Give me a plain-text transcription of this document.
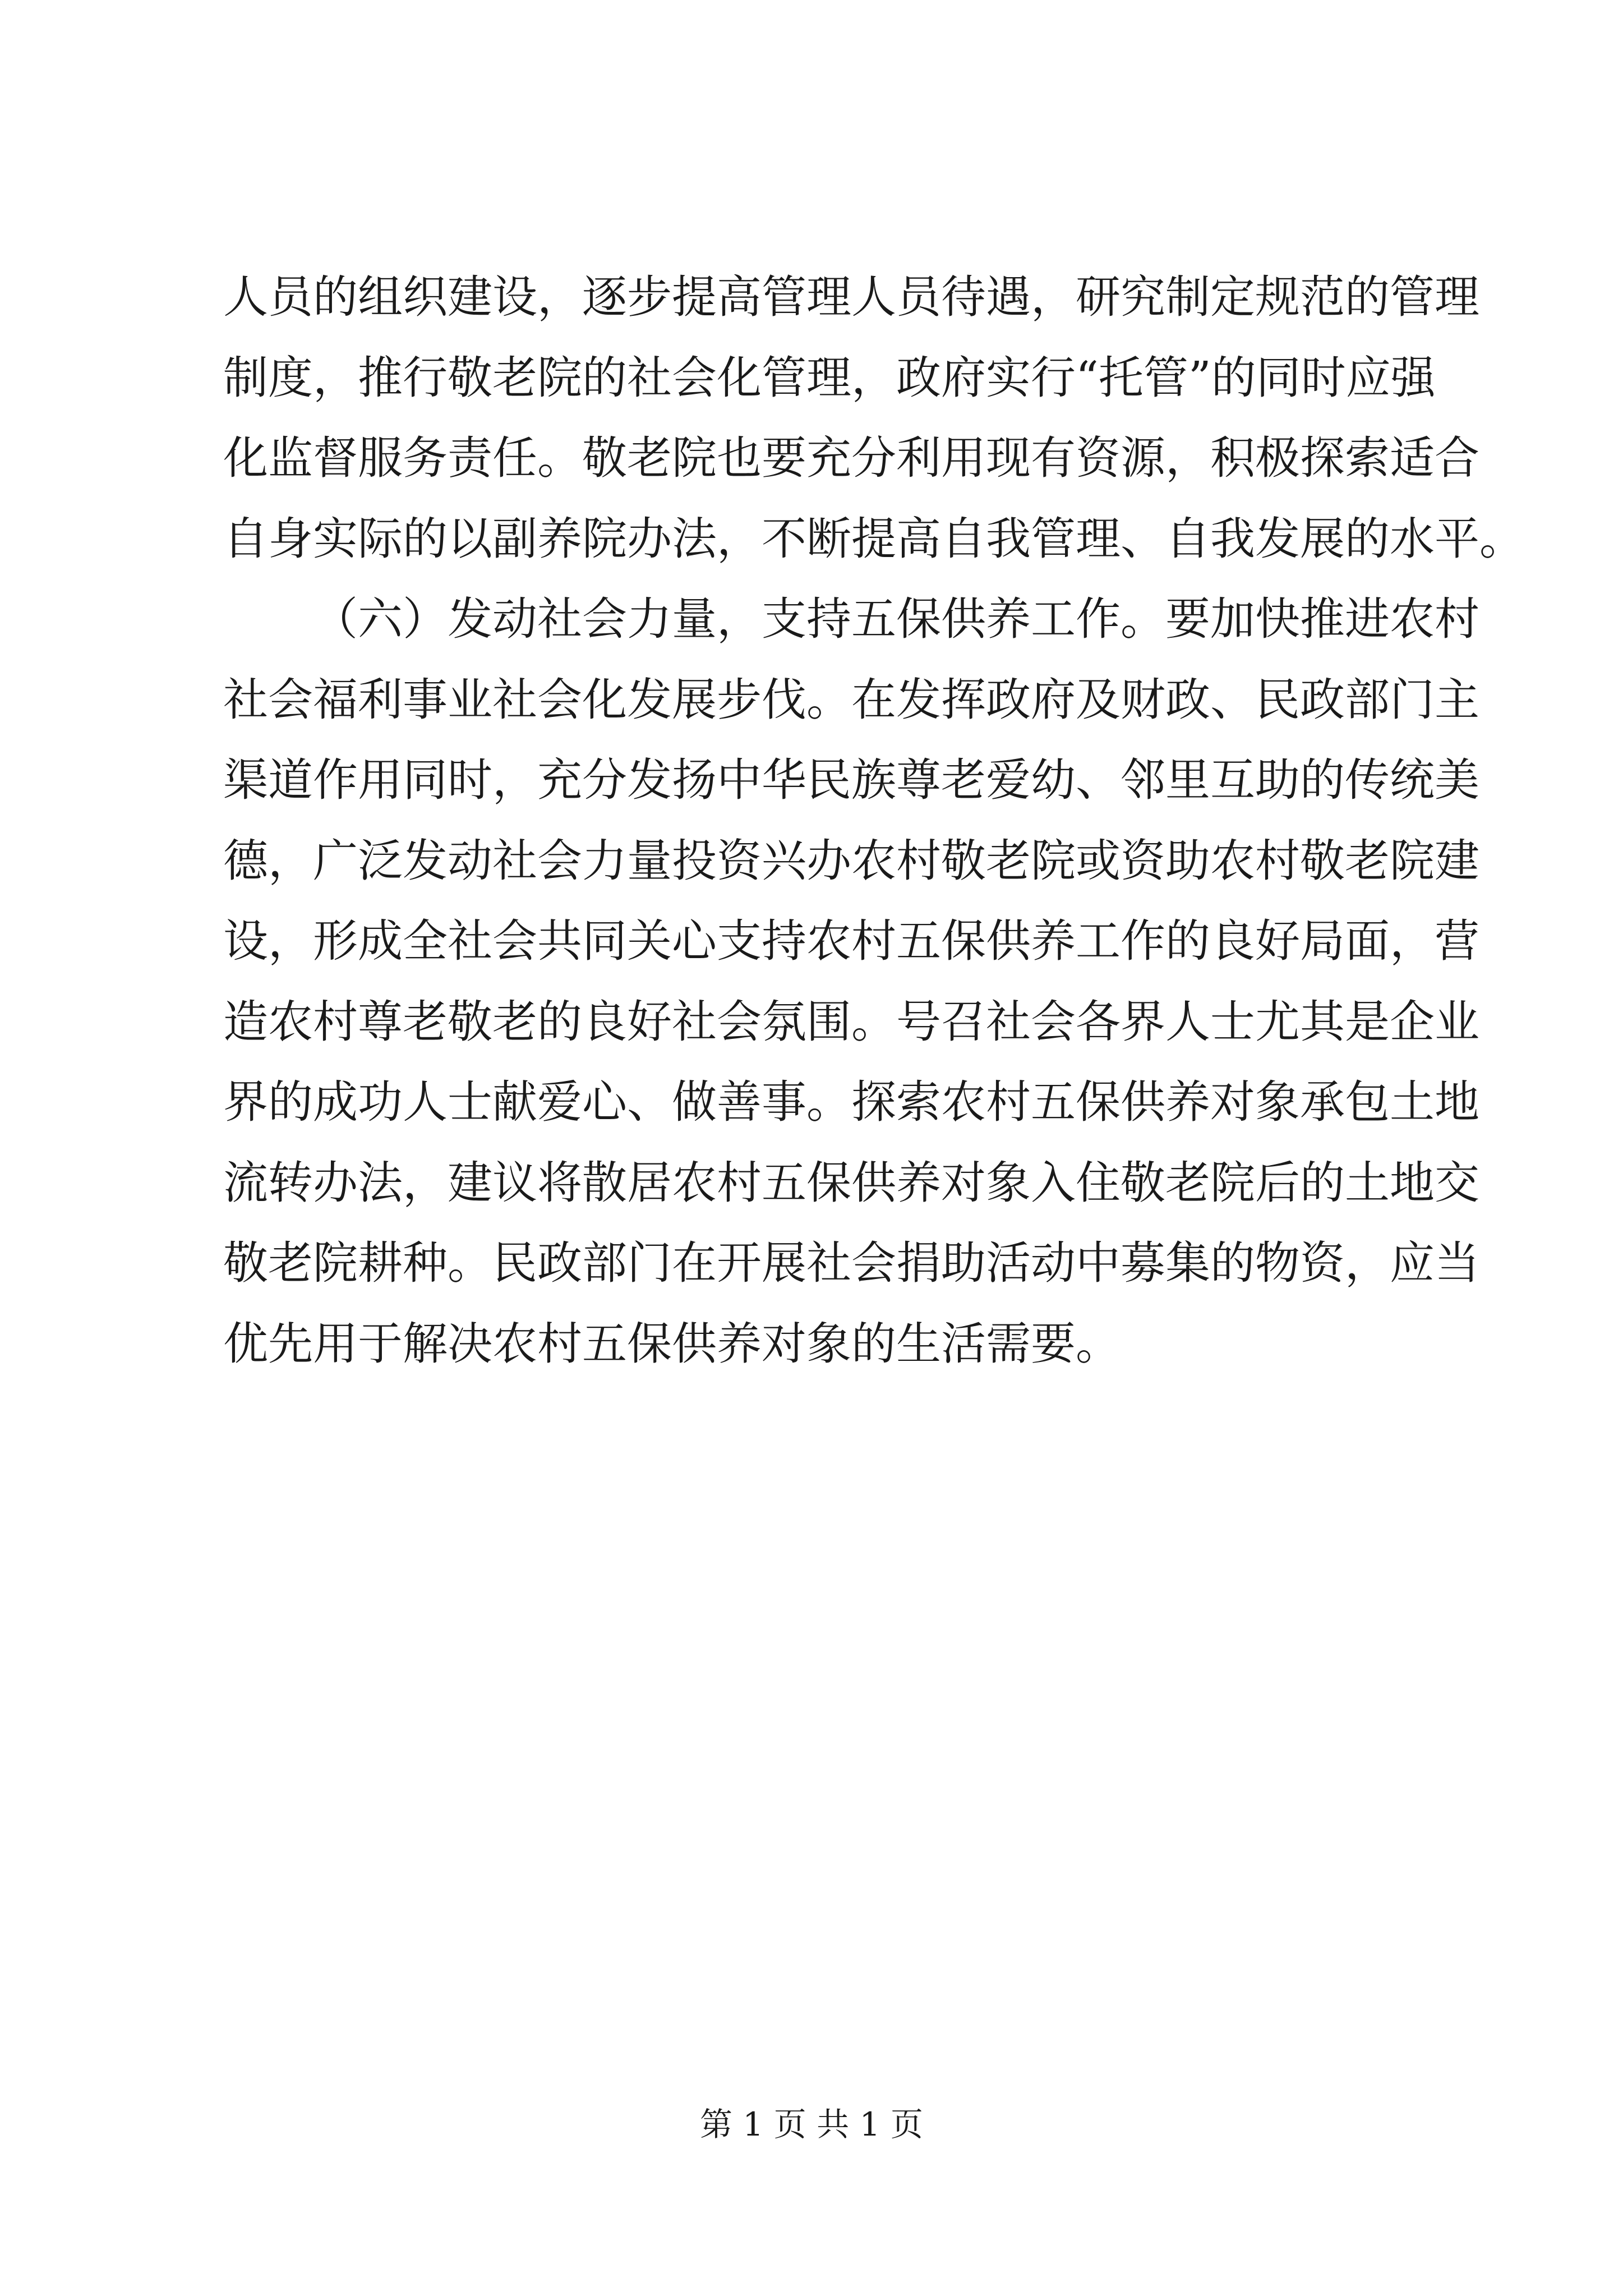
人员的组织建设，逐步提高管理人员待遇，研究制定规范的管理
制度，推行敬老院的社会化管理，政府实行“托管”的同时应强
化监督服务责任。敬老院也要充分利用现有资源，积极探索适合
自身实际的以副养院办法，不断提高自我管理、自我发展的水平。
（六）发动社会力量，支持五保供养工作。要加快推进农村
社会福利事业社会化发展步伐。在发挥政府及财政、民政部门主
渠道作用同时，充分发扬中华民族尊老爱幼、邻里互助的传统美
德，广泛发动社会力量投资兴办农村敬老院或资助农村敬老院建
设，形成全社会共同关心支持农村五保供养工作的良好局面，营
造农村尊老敬老的良好社会氛围。号召社会各界人士尤其是企业
界的成功人士献爱心、做善事。探索农村五保供养对象承包土地
流转办法，建议将散居农村五保供养对象入住敬老院后的土地交
敬老院耕种。民政部门在开展社会捐助活动中募集的物资，应当
优先用于解决农村五保供养对象的生活需要。
第 1 页 共 1 页
